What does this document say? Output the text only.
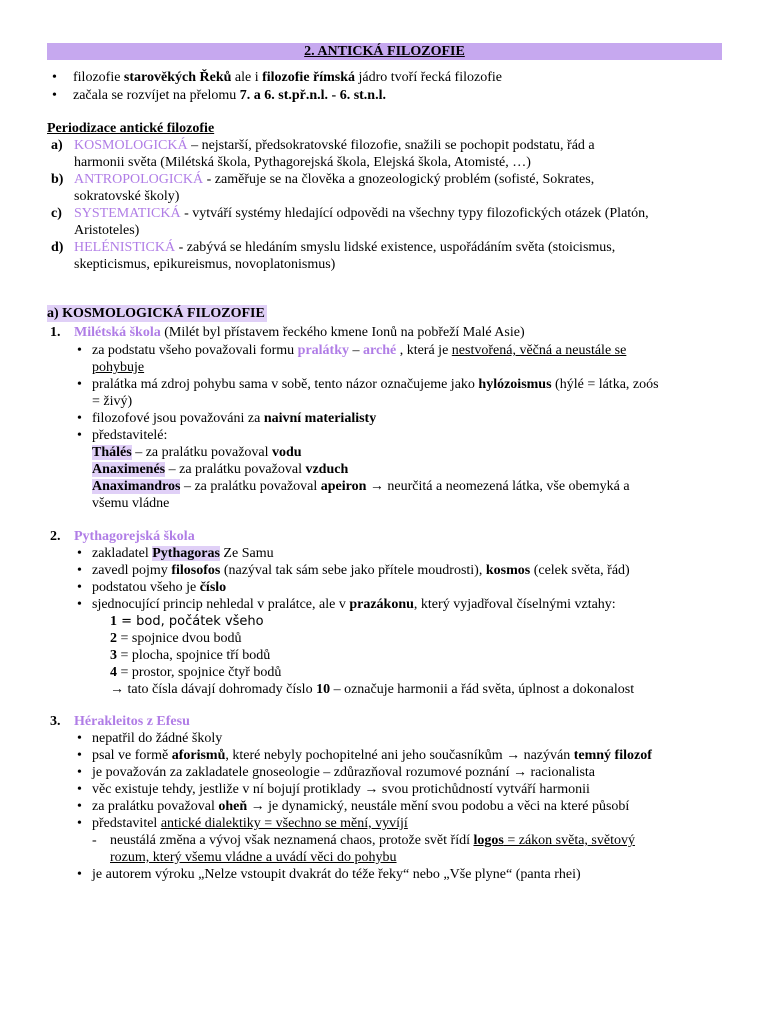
2. ANTICKÁ FILOZOFIE
• filozofie starověkých Řeků ale i filozofie římská jádro tvoří řecká filozofie
• začala se rozvíjet na přelomu 7. a 6. st.př.n.l. - 6. st.n.l.
Periodizace antické filozofie
a) KOSMOLOGICKÁ – nejstarší, předsokratovské filozofie, snažili se pochopit podstatu, řád a
harmonii světa (Milétská škola, Pythagorejská škola, Elejská škola, Atomisté, …)
b) ANTROPOLOGICKÁ - zaměřuje se na člověka a gnozeologický problém (sofisté, Sokrates,
sokratovské školy)
c) SYSTEMATICKÁ - vytváří systémy hledající odpovědi na všechny typy filozofických otázek (Platón,
Aristoteles)
d) HELÉNISTICKÁ - zabývá se hledáním smyslu lidské existence, uspořádáním světa (stoicismus,
skepticismus, epikureismus, novoplatonismus)
a) KOSMOLOGICKÁ FILOZOFIE
1. Milétská škola (Milét byl přístavem řeckého kmene Ionů na pobřeží Malé Asie)
• za podstatu všeho považovali formu pralátky – arché , která je nestvořená, věčná a neustále se
pohybuje
• pralátka má zdroj pohybu sama v sobě, tento názor označujeme jako hylózoismus (hýlé = látka, zoós
= živý)
• filozofové jsou považováni za naivní materialisty
• představitelé:
Thálés – za pralátku považoval vodu
Anaximenés – za pralátku považoval vzduch
Anaximandros – za pralátku považoval apeiron → neurčitá a neomezená látka, vše obemyká a
všemu vládne
2. Pythagorejská škola
• zakladatel Pythagoras Ze Samu
• zavedl pojmy filosofos (nazýval tak sám sebe jako přítele moudrosti), kosmos (celek světa, řád)
• podstatou všeho je číslo
• sjednocující princip nehledal v pralátce, ale v prazákonu, který vyjadřoval číselnými vztahy:
1 = bod, počátek všeho
2 = spojnice dvou bodů
3 = plocha, spojnice tří bodů
4 = prostor, spojnice čtyř bodů
→ tato čísla dávají dohromady číslo 10 – označuje harmonii a řád světa, úplnost a dokonalost
3. Hérakleitos z Efesu
• nepatřil do žádné školy
• psal ve formě aforismů, které nebyly pochopitelné ani jeho současníkům → nazýván temný filozof
• je považován za zakladatele gnoseologie – zdůrazňoval rozumové poznání → racionalista
• věc existuje tehdy, jestliže v ní bojují protiklady → svou protichůdností vytváří harmonii
• za pralátku považoval oheň → je dynamický, neustále mění svou podobu a věci na které působí
• představitel antické dialektiky = všechno se mění, vyvíjí
- neustálá změna a vývoj však neznamená chaos, protože svět řídí logos = zákon světa, světový
rozum, který všemu vládne a uvádí věci do pohybu
• je autorem výroku „Nelze vstoupit dvakrát do téže řeky“ nebo „Vše plyne“ (panta rhei)
